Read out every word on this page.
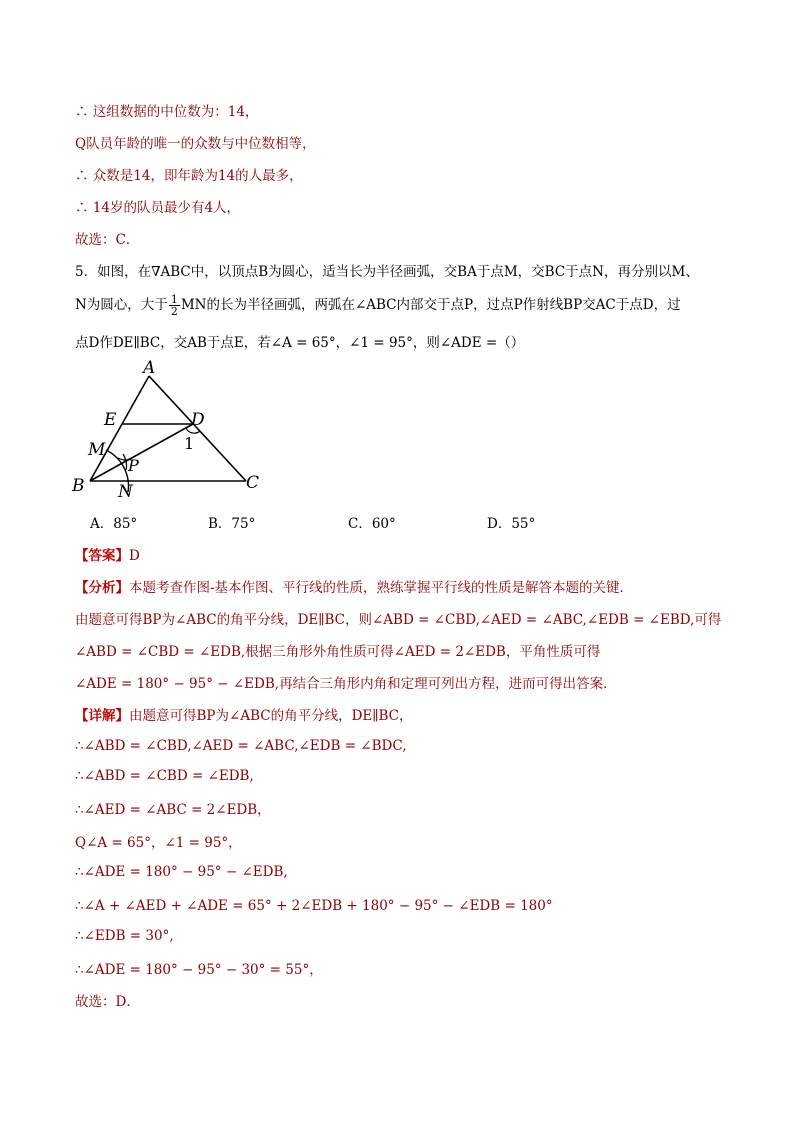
∴ 这组数据的中位数为：14，
Q队员年龄的唯一的众数与中位数相等，
∴ 众数是14，即年龄为14的人最多，
∴ 14岁的队员最少有4人，
故选：C．
5．如图，在∇ABC中，以顶点B为圆心，适当长为半径画弧，交BA于点M，交BC于点N，再分别以M、
N为圆心，大于 $\frac{1}{2}$ MN的长为半径画弧，两弧在∠ABC内部交于点P，过点P作射线BP交AC于点D，过
点D作DE∥BC，交AB于点E，若∠A = 65°，∠1 = 95°，则∠ADE =（）
A
B	C
D
E
M
N
P
1
A．85°	B．75°	C．60°	D．55°
【答案】D
【分析】本题考查作图-基本作图、平行线的性质，熟练掌握平行线的性质是解答本题的关键．
由题意可得BP为∠ABC的角平分线，DE∥BC，则∠ABD = ∠CBD,∠AED = ∠ABC,∠EDB = ∠EBD,可得
∠ABD = ∠CBD = ∠EDB,根据三角形外角性质可得∠AED = 2∠EDB，平角性质可得
∠ADE = 180° − 95° − ∠EDB,再结合三角形内角和定理可列出方程，进而可得出答案．
【详解】由题意可得BP为∠ABC的角平分线，DE∥BC，
∴∠ABD = ∠CBD,∠AED = ∠ABC,∠EDB = ∠BDC,
∴∠ABD = ∠CBD = ∠EDB,
∴∠AED = ∠ABC = 2∠EDB，
Q∠A = 65°，∠1 = 95°，
∴∠ADE = 180° − 95° − ∠EDB,
∴∠A + ∠AED + ∠ADE = 65° + 2∠EDB + 180° − 95° − ∠EDB = 180°
∴∠EDB = 30°,
∴∠ADE = 180° − 95° − 30° = 55°，
故选：D．
